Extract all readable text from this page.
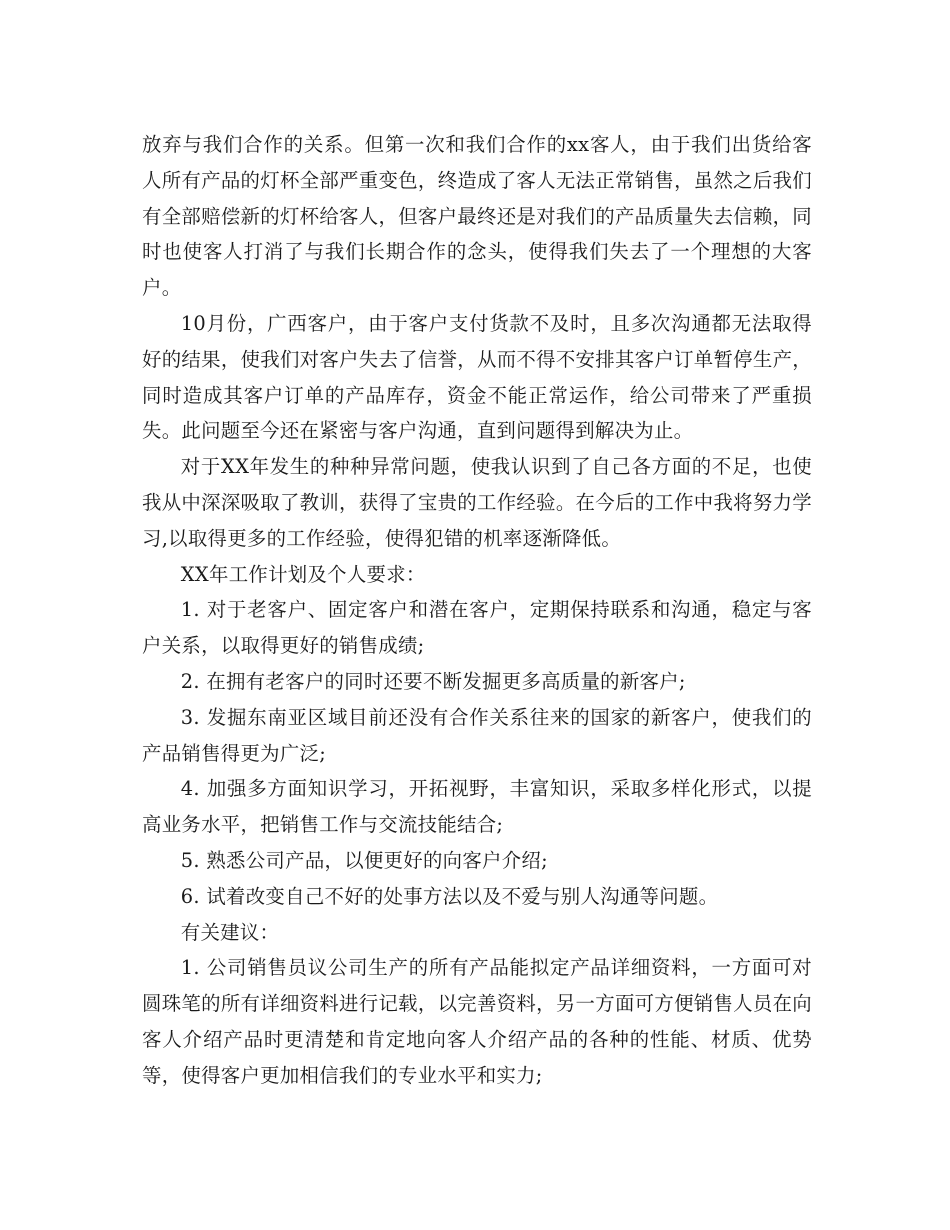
放弃与我们合作的关系。但第一次和我们合作的xx客人，由于我们出货给客人所有产品的灯杯全部严重变色，终造成了客人无法正常销售，虽然之后我们有全部赔偿新的灯杯给客人，但客户最终还是对我们的产品质量失去信赖，同时也使客人打消了与我们长期合作的念头，使得我们失去了一个理想的大客户。

10月份，广西客户，由于客户支付货款不及时，且多次沟通都无法取得好的结果，使我们对客户失去了信誉，从而不得不安排其客户订单暂停生产，同时造成其客户订单的产品库存，资金不能正常运作，给公司带来了严重损失。此问题至今还在紧密与客户沟通，直到问题得到解决为止。

对于XX年发生的种种异常问题，使我认识到了自己各方面的不足，也使我从中深深吸取了教训，获得了宝贵的工作经验。在今后的工作中我将努力学习,以取得更多的工作经验，使得犯错的机率逐渐降低。

XX年工作计划及个人要求：

1. 对于老客户、固定客户和潜在客户，定期保持联系和沟通，稳定与客户关系，以取得更好的销售成绩;

2. 在拥有老客户的同时还要不断发掘更多高质量的新客户;

3. 发掘东南亚区域目前还没有合作关系往来的国家的新客户，使我们的产品销售得更为广泛;

4. 加强多方面知识学习，开拓视野，丰富知识，采取多样化形式，以提高业务水平，把销售工作与交流技能结合;

5. 熟悉公司产品，以便更好的向客户介绍;

6. 试着改变自己不好的处事方法以及不爱与别人沟通等问题。

有关建议：

1. 公司销售员议公司生产的所有产品能拟定产品详细资料，一方面可对圆珠笔的所有详细资料进行记载，以完善资料，另一方面可方便销售人员在向客人介绍产品时更清楚和肯定地向客人介绍产品的各种的性能、材质、优势等，使得客户更加相信我们的专业水平和实力;
